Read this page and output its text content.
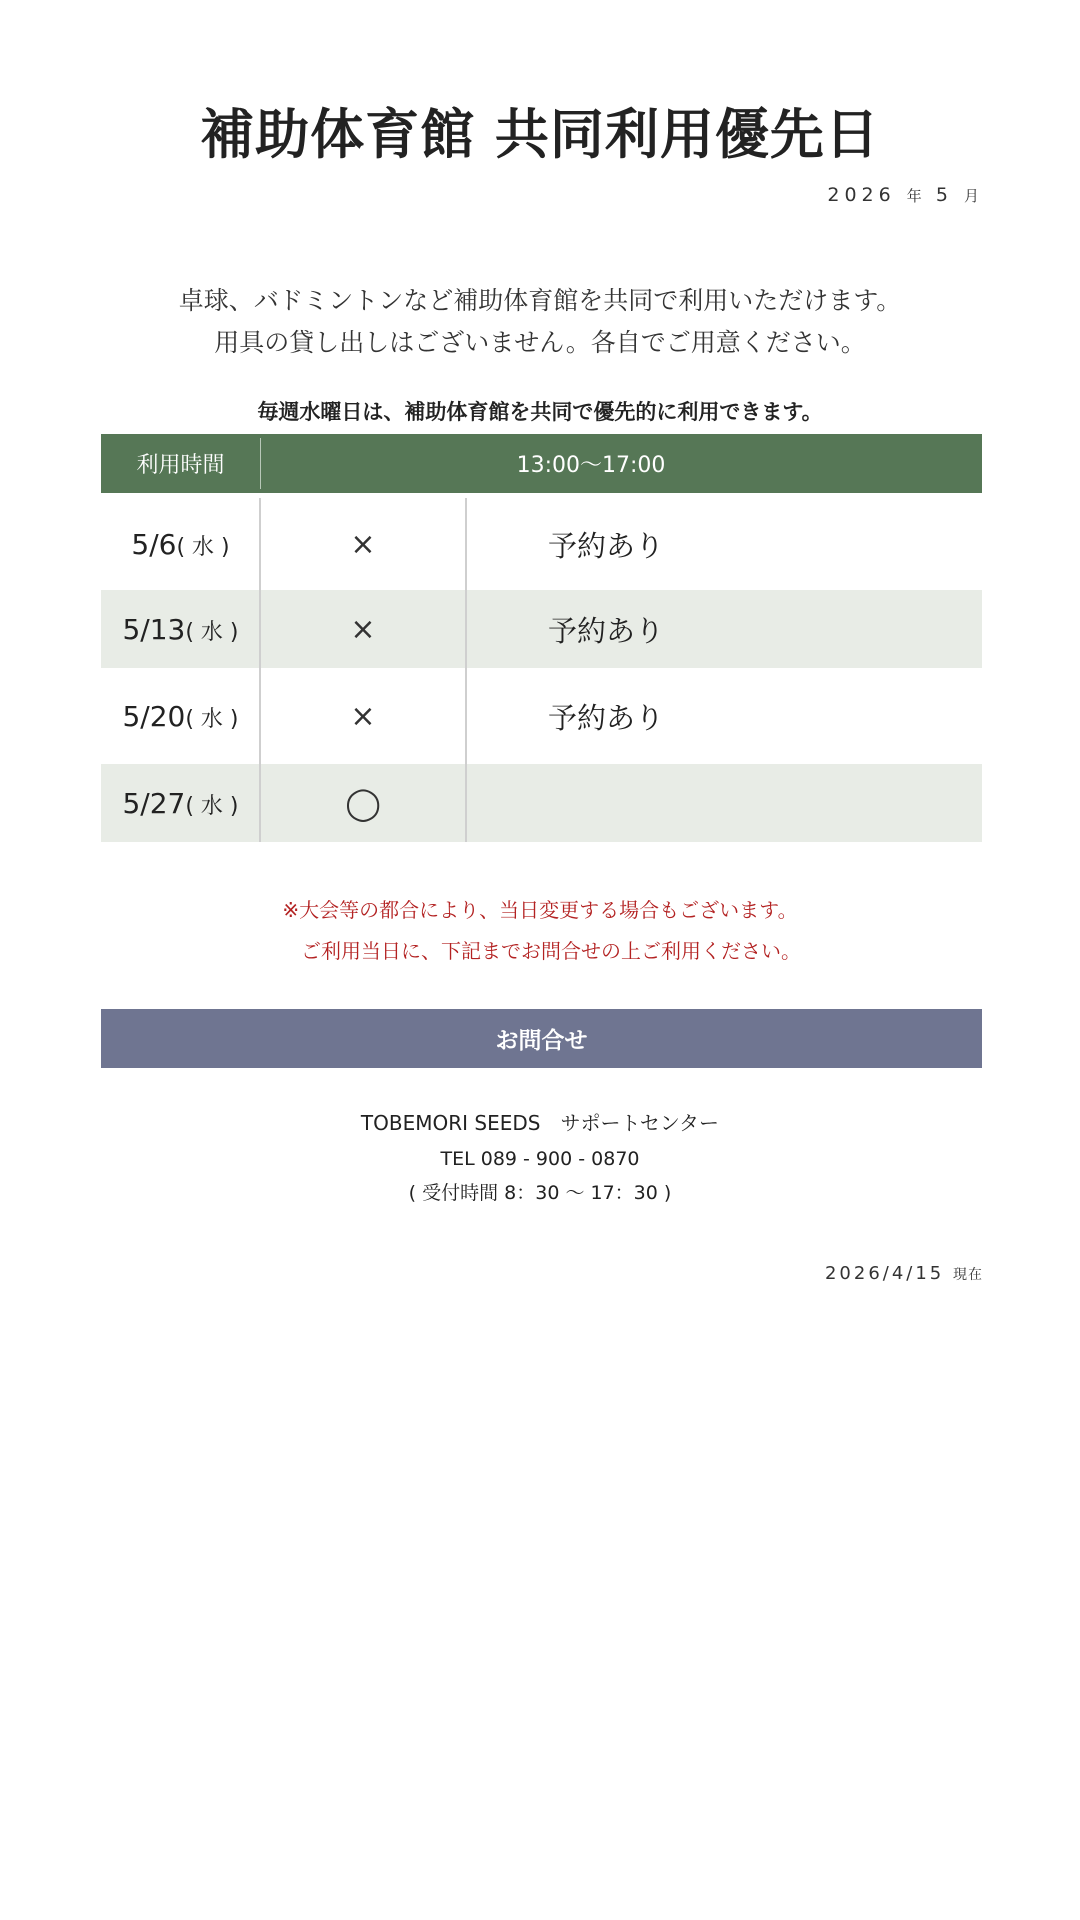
補助体育館 共同利用優先日
2026 年 5 月
卓球、バドミントンなど補助体育館を共同で利用いただけます。
用具の貸し出しはございません。各自でご用意ください。
毎週水曜日は、補助体育館を共同で優先的に利用できます。
利用時間	13:00〜17:00
5/6( 水 )	×	予約あり
5/13( 水 )	×	予約あり
5/20( 水 )	×	予約あり
5/27( 水 )	◯
※大会等の都合により、当日変更する場合もございます。
ご利用当日に、下記までお問合せの上ご利用ください。
お問合せ
TOBEMORI SEEDS　サポートセンター
TEL 089 - 900 - 0870
( 受付時間 8：30 〜 17：30 )
2026/4/15 現在
